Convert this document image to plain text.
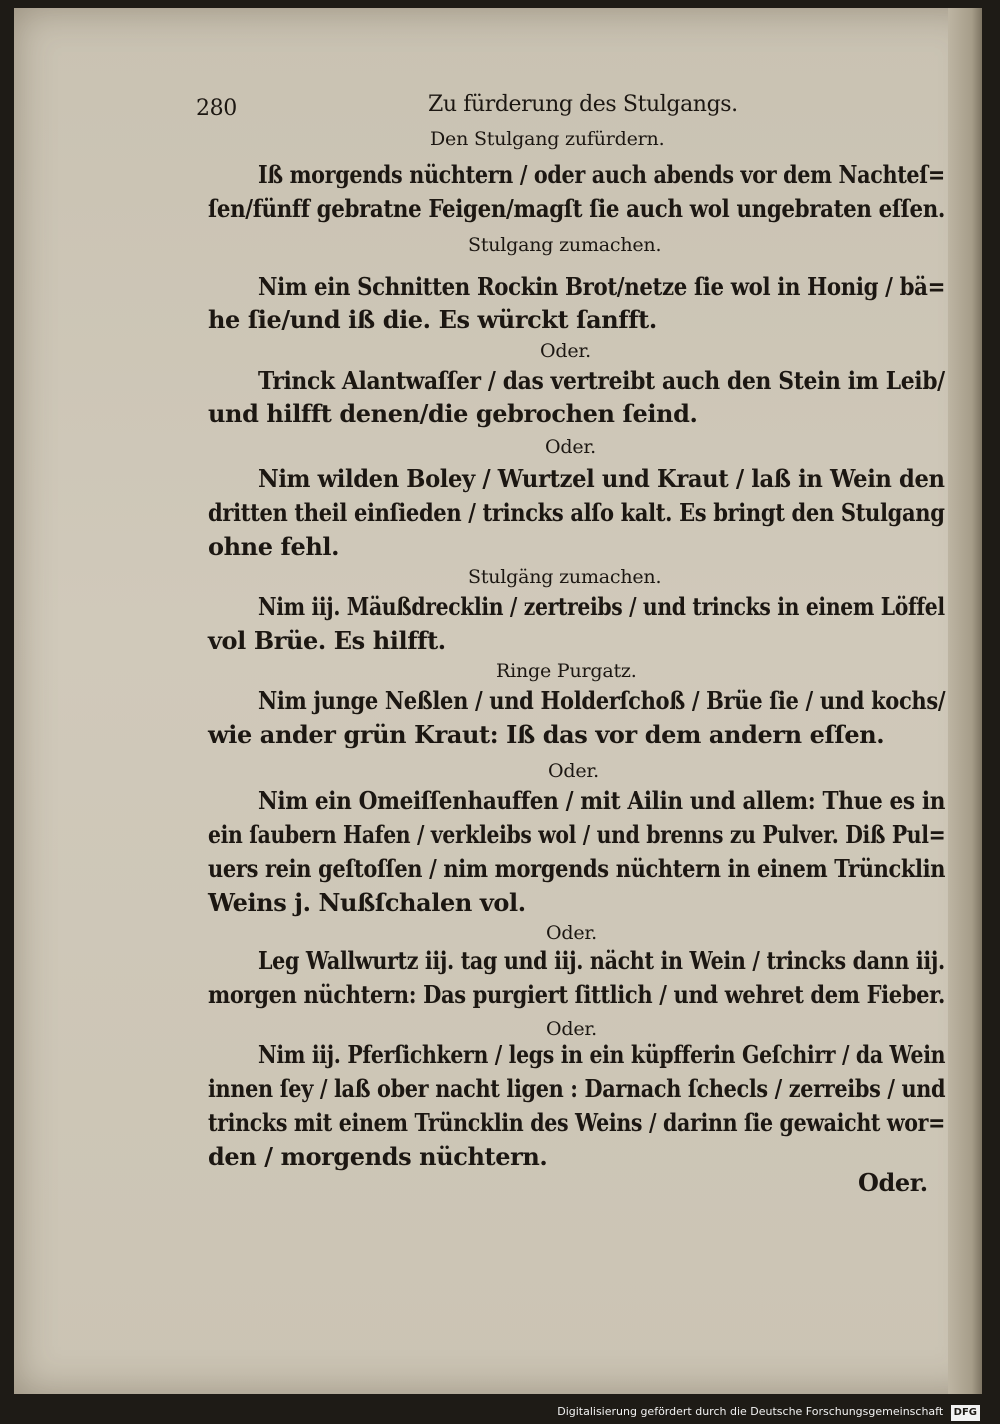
280	Zu fürderung des Stulgangs.
Den Stulgang zufürdern.
Iß morgends nüchtern / oder auch abends vor dem Nachteſ=
ſen/fünff gebratne Feigen/magſt ſie auch wol ungebraten eſſen.
Stulgang zumachen.
Nim ein Schnitten Rockin Brot/netze ſie wol in Honig / bä=
he ſie/und iß die. Es würckt ſanfft.
Oder.
Trinck Alantwaſſer / das vertreibt auch den Stein im Leib/
und hilfft denen/die gebrochen ſeind.
Oder.
Nim wilden Boley / Wurtzel und Kraut / laß in Wein den
dritten theil einſieden / trincks alſo kalt. Es bringt den Stulgang
ohne fehl.
Stulgäng zumachen.
Nim iij. Mäußdrecklin / zertreibs / und trincks in einem Löffel
vol Brüe. Es hilfft.
Ringe Purgatz.
Nim junge Neßlen / und Holderſchoß / Brüe ſie / und kochs/
wie ander grün Kraut: Iß das vor dem andern eſſen.
Oder.
Nim ein Omeiſſenhauffen / mit Ailin und allem: Thue es in
ein ſaubern Hafen / verkleibs wol / und brenns zu Pulver. Diß Pul=
uers rein geſtoſſen / nim morgends nüchtern in einem Trüncklin
Weins j. Nußſchalen vol.
Oder.
Leg Wallwurtz iij. tag und iij. nächt in Wein / trincks dann iij.
morgen nüchtern: Das purgiert ſittlich / und wehret dem Fieber.
Oder.
Nim iij. Pferſichkern / legs in ein küpfferin Geſchirr / da Wein
innen ſey / laß ober nacht ligen : Darnach ſchecls / zerreibs / und
trincks mit einem Trüncklin des Weins / darinn ſie gewaicht wor=
den / morgends nüchtern.
Oder.
Digitalisierung gefördert durch die Deutsche Forschungsgemeinschaft DFG
